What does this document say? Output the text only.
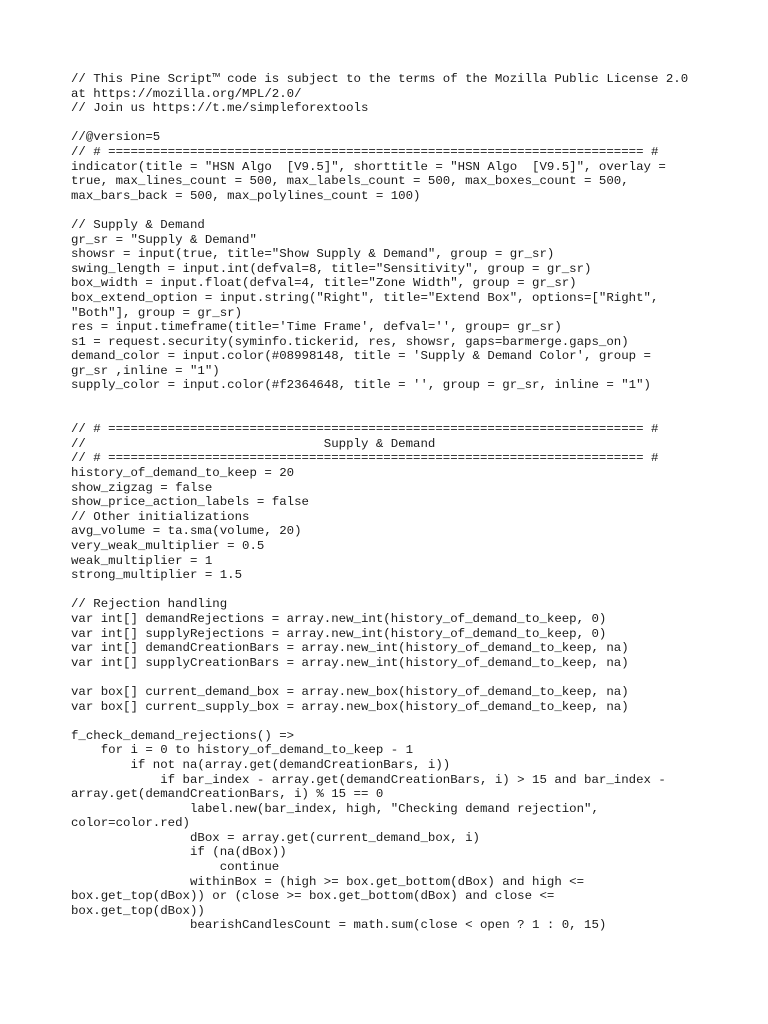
// This Pine Script™ code is subject to the terms of the Mozilla Public License 2.0
at https://mozilla.org/MPL/2.0/
// Join us https://t.me/simpleforextools
//@version=5
// # ======================================================================== #
indicator(title = "HSN Algo  [V9.5]", shorttitle = "HSN Algo  [V9.5]", overlay =
true, max_lines_count = 500, max_labels_count = 500, max_boxes_count = 500,
max_bars_back = 500, max_polylines_count = 100)
// Supply & Demand
gr_sr = "Supply & Demand"
showsr = input(true, title="Show Supply & Demand", group = gr_sr)
swing_length = input.int(defval=8, title="Sensitivity", group = gr_sr)
box_width = input.float(defval=4, title="Zone Width", group = gr_sr)
box_extend_option = input.string("Right", title="Extend Box", options=["Right",
"Both"], group = gr_sr)
res = input.timeframe(title='Time Frame', defval='', group= gr_sr)
s1 = request.security(syminfo.tickerid, res, showsr, gaps=barmerge.gaps_on)
demand_color = input.color(#08998148, title = 'Supply & Demand Color', group =
gr_sr ,inline = "1")
supply_color = input.color(#f2364648, title = '', group = gr_sr, inline = "1")
// # ======================================================================== #
//                                Supply & Demand
// # ======================================================================== #
history_of_demand_to_keep = 20
show_zigzag = false
show_price_action_labels = false
// Other initializations
avg_volume = ta.sma(volume, 20)
very_weak_multiplier = 0.5
weak_multiplier = 1
strong_multiplier = 1.5
// Rejection handling
var int[] demandRejections = array.new_int(history_of_demand_to_keep, 0)
var int[] supplyRejections = array.new_int(history_of_demand_to_keep, 0)
var int[] demandCreationBars = array.new_int(history_of_demand_to_keep, na)
var int[] supplyCreationBars = array.new_int(history_of_demand_to_keep, na)
var box[] current_demand_box = array.new_box(history_of_demand_to_keep, na)
var box[] current_supply_box = array.new_box(history_of_demand_to_keep, na)
f_check_demand_rejections() =>
for i = 0 to history_of_demand_to_keep - 1
if not na(array.get(demandCreationBars, i))
if bar_index - array.get(demandCreationBars, i) > 15 and bar_index -
array.get(demandCreationBars, i) % 15 == 0
label.new(bar_index, high, "Checking demand rejection",
color=color.red)
dBox = array.get(current_demand_box, i)
if (na(dBox))
continue
withinBox = (high >= box.get_bottom(dBox) and high <=
box.get_top(dBox)) or (close >= box.get_bottom(dBox) and close <=
box.get_top(dBox))
bearishCandlesCount = math.sum(close < open ? 1 : 0, 15)
